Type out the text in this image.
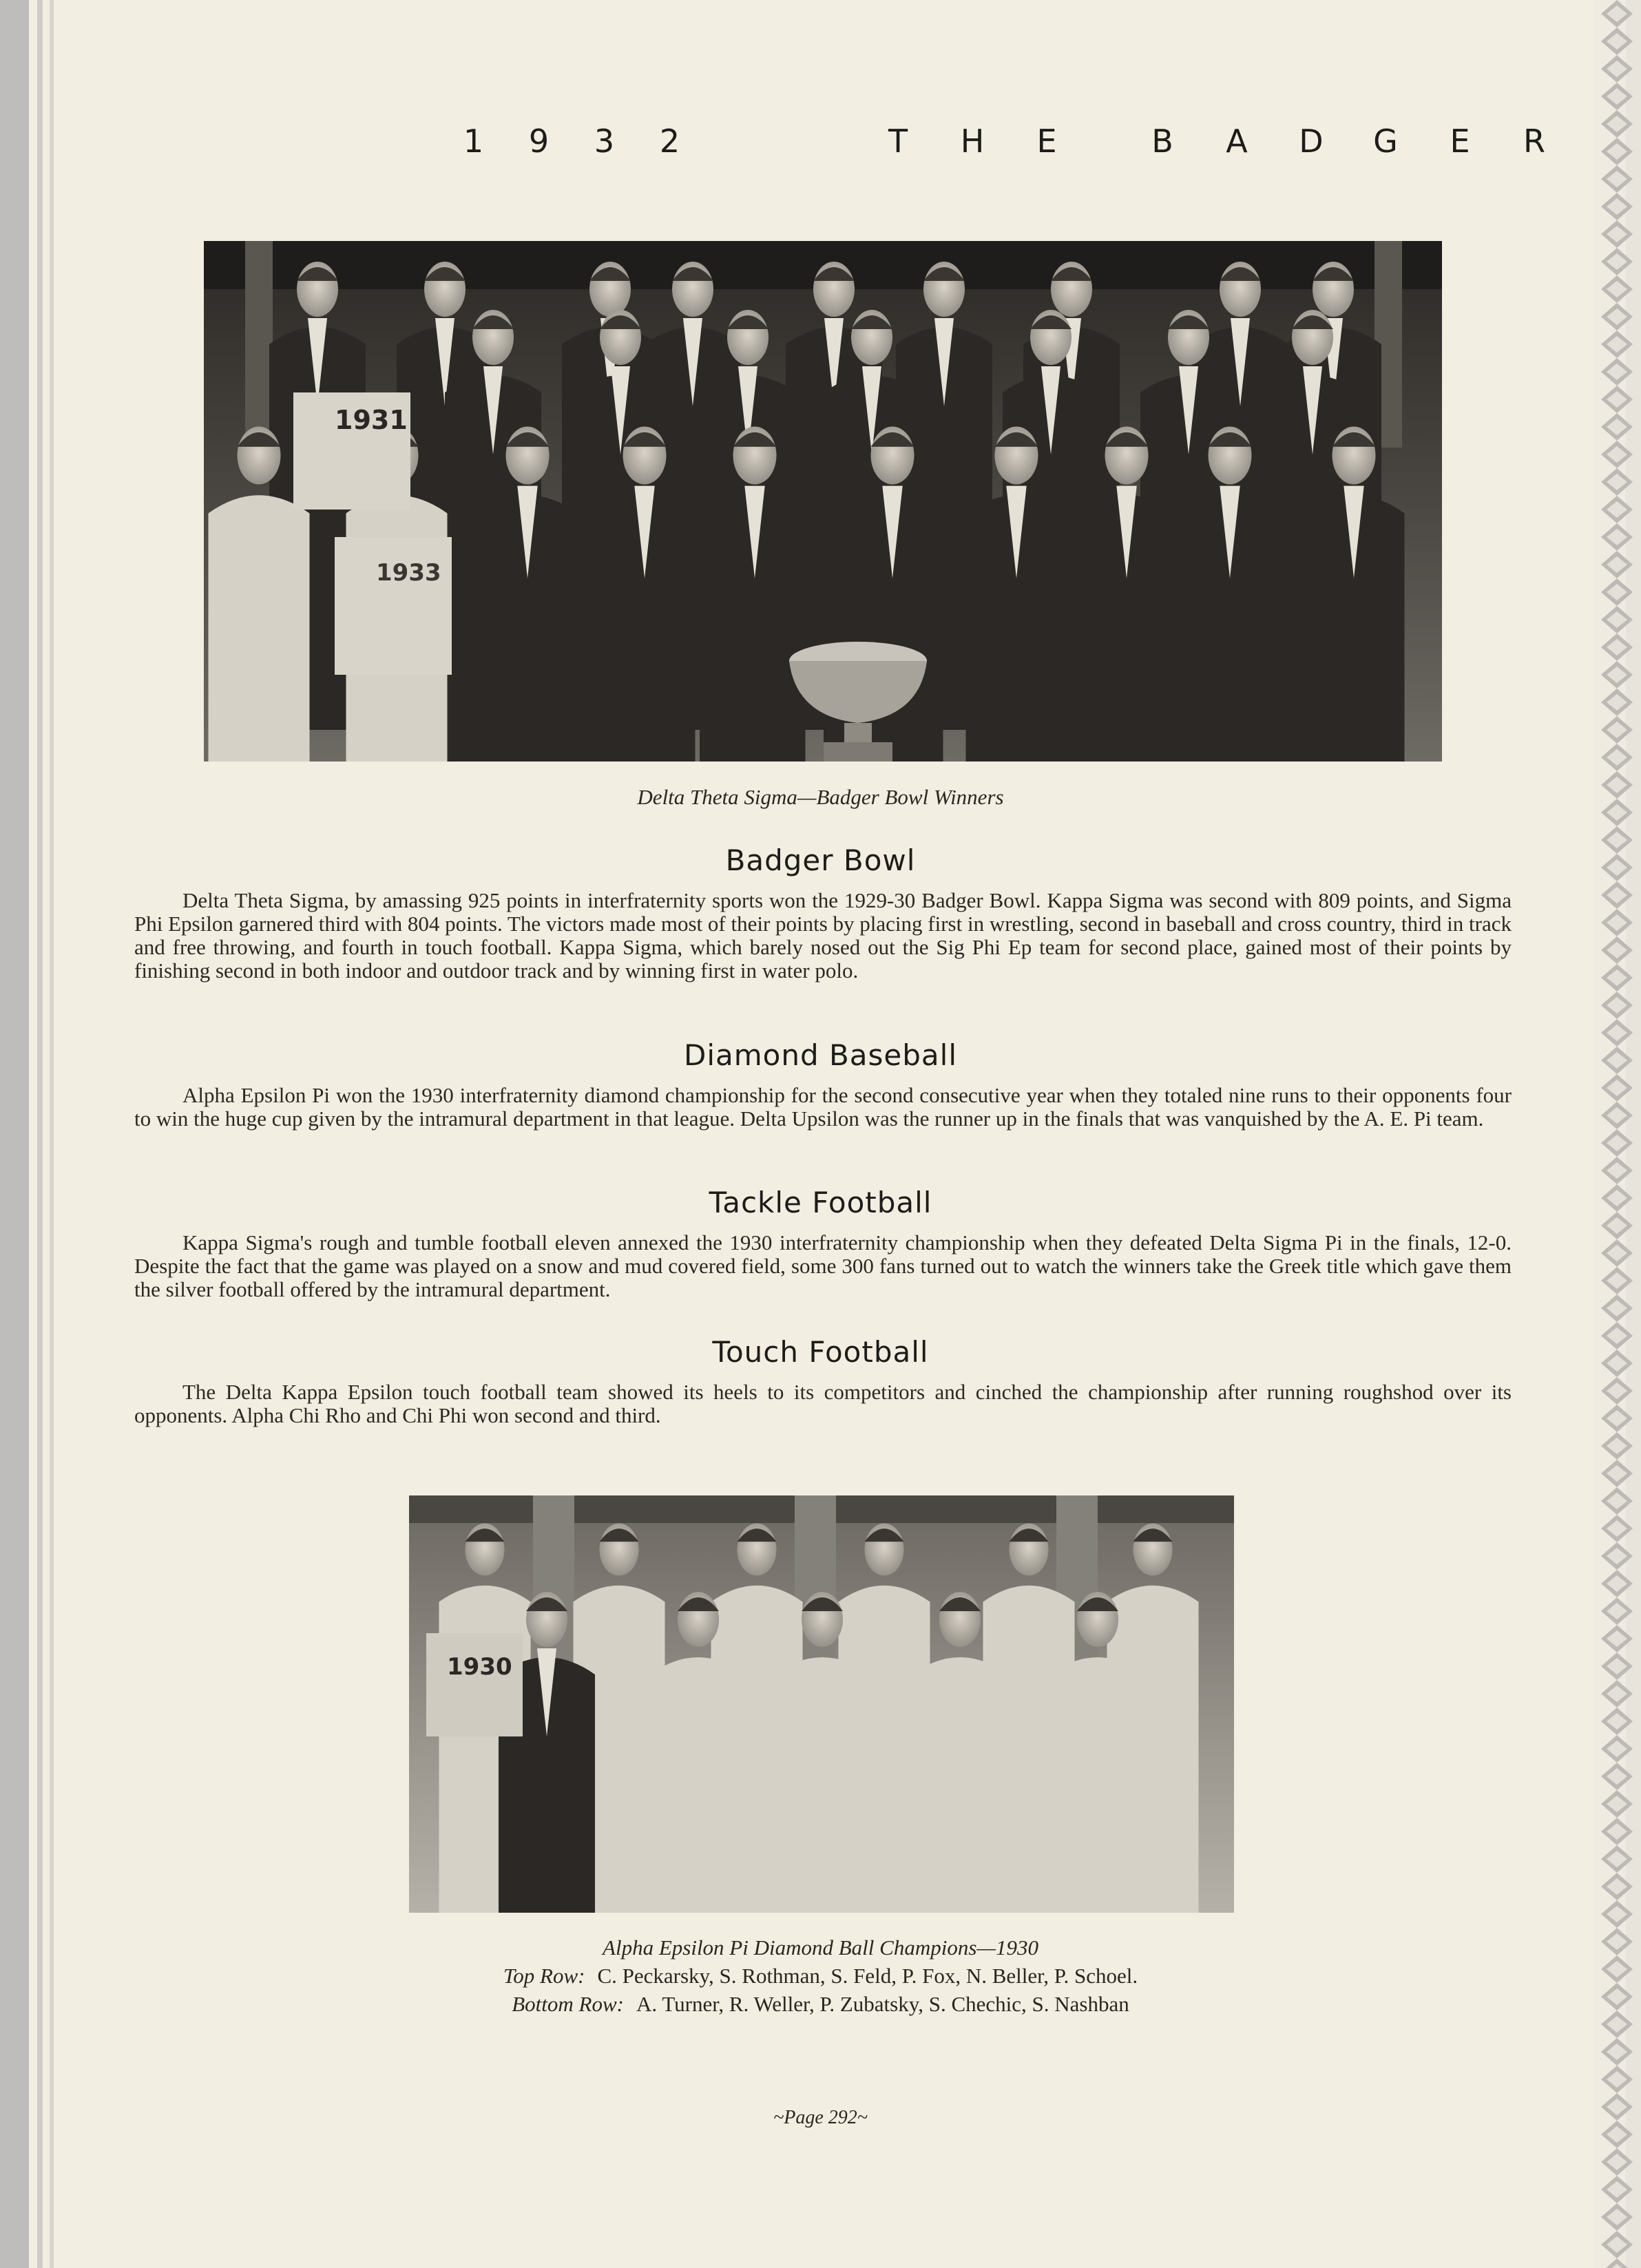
1 9 3 2	T H E	B A D G E R
1931
1933
Delta Theta Sigma—Badger Bowl Winners
Badger Bowl

Delta Theta Sigma, by amassing 925 points in interfraternity sports won the 1929-30 Badger Bowl. Kappa Sigma was second with 809 points, and Sigma Phi Epsilon garnered third with 804 points. The victors made most of their points by placing first in wrestling, second in baseball and cross country, third in track and free throwing, and fourth in touch football. Kappa Sigma, which barely nosed out the Sig Phi Ep team for second place, gained most of their points by finishing second in both indoor and outdoor track and by winning first in water polo.

Diamond Baseball

Alpha Epsilon Pi won the 1930 interfraternity diamond championship for the second consecutive year when they totaled nine runs to their opponents four to win the huge cup given by the intramural department in that league. Delta Upsilon was the runner up in the finals that was vanquished by the A. E. Pi team.

Tackle Football

Kappa Sigma's rough and tumble football eleven annexed the 1930 interfraternity championship when they defeated Delta Sigma Pi in the finals, 12-0. Despite the fact that the game was played on a snow and mud covered field, some 300 fans turned out to watch the winners take the Greek title which gave them the silver football offered by the intramural department.

Touch Football

The Delta Kappa Epsilon touch football team showed its heels to its competitors and cinched the championship after running roughshod over its opponents. Alpha Chi Rho and Chi Phi won second and third.

1930
Alpha Epsilon Pi Diamond Ball Champions—1930
Top Row: C. Peckarsky, S. Rothman, S. Feld, P. Fox, N. Beller, P. Schoel.
Bottom Row: A. Turner, R. Weller, P. Zubatsky, S. Chechic, S. Nashban
~Page 292~
